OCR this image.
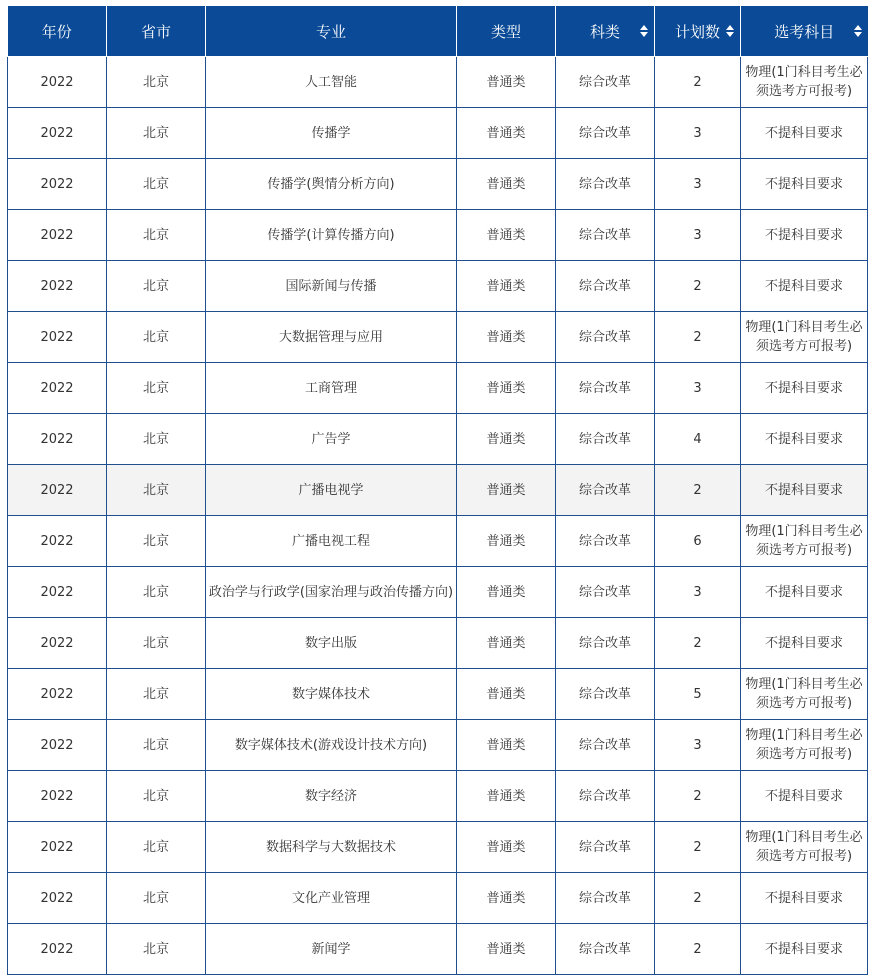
年份	省市	专业	类型	科类	计划数	选考科目

2022	北京	人工智能	普通类	综合改革	2	物理(1门科目考生必须选考方可报考)
2022	北京	传播学	普通类	综合改革	3	不提科目要求
2022	北京	传播学(舆情分析方向)	普通类	综合改革	3	不提科目要求
2022	北京	传播学(计算传播方向)	普通类	综合改革	3	不提科目要求
2022	北京	国际新闻与传播	普通类	综合改革	2	不提科目要求
2022	北京	大数据管理与应用	普通类	综合改革	2	物理(1门科目考生必须选考方可报考)
2022	北京	工商管理	普通类	综合改革	3	不提科目要求
2022	北京	广告学	普通类	综合改革	4	不提科目要求
2022	北京	广播电视学	普通类	综合改革	2	不提科目要求
2022	北京	广播电视工程	普通类	综合改革	6	物理(1门科目考生必须选考方可报考)
2022	北京	政治学与行政学(国家治理与政治传播方向)	普通类	综合改革	3	不提科目要求
2022	北京	数字出版	普通类	综合改革	2	不提科目要求
2022	北京	数字媒体技术	普通类	综合改革	5	物理(1门科目考生必须选考方可报考)
2022	北京	数字媒体技术(游戏设计技术方向)	普通类	综合改革	3	物理(1门科目考生必须选考方可报考)
2022	北京	数字经济	普通类	综合改革	2	不提科目要求
2022	北京	数据科学与大数据技术	普通类	综合改革	2	物理(1门科目考生必须选考方可报考)
2022	北京	文化产业管理	普通类	综合改革	2	不提科目要求
2022	北京	新闻学	普通类	综合改革	2	不提科目要求
